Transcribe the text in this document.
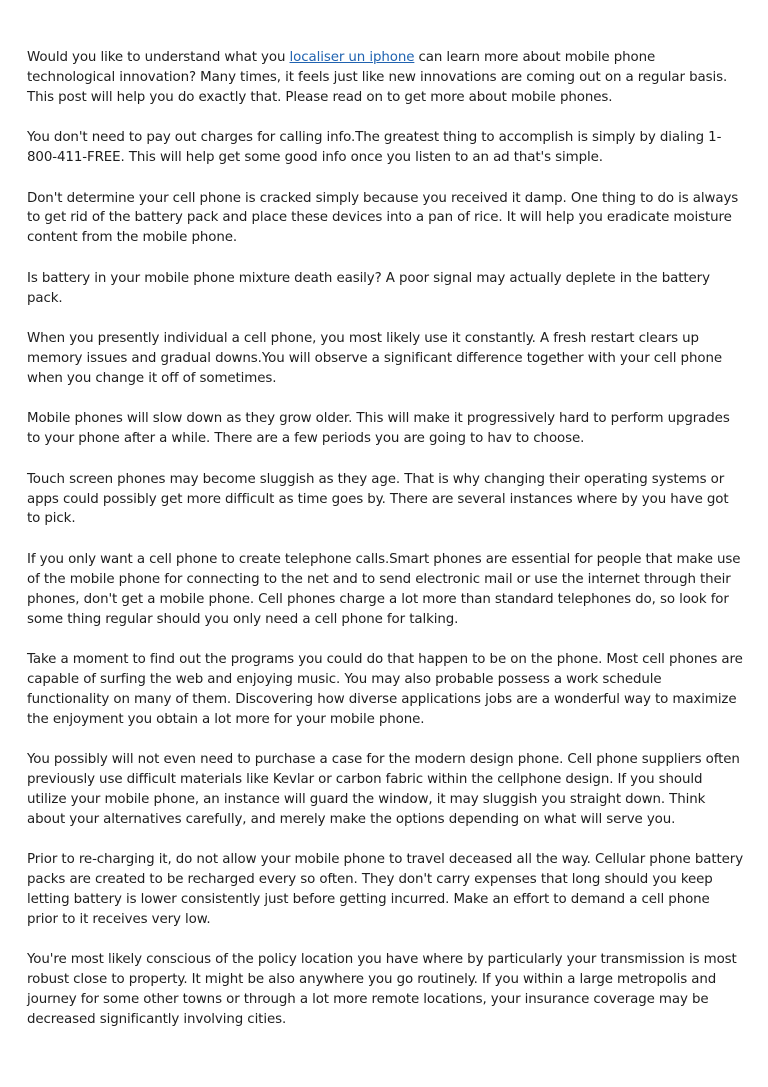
Would you like to understand what you localiser un iphone can learn more about mobile phone technological innovation? Many times, it feels just like new innovations are coming out on a regular basis. This post will help you do exactly that. Please read on to get more about mobile phones.

You don't need to pay out charges for calling info.The greatest thing to accomplish is simply by dialing 1-800-411-FREE. This will help get some good info once you listen to an ad that's simple.

Don't determine your cell phone is cracked simply because you received it damp. One thing to do is always to get rid of the battery pack and place these devices into a pan of rice. It will help you eradicate moisture content from the mobile phone.

Is battery in your mobile phone mixture death easily? A poor signal may actually deplete in the battery pack.

When you presently individual a cell phone, you most likely use it constantly. A fresh restart clears up memory issues and gradual downs.You will observe a significant difference together with your cell phone when you change it off of sometimes.

Mobile phones will slow down as they grow older. This will make it progressively hard to perform upgrades to your phone after a while. There are a few periods you are going to hav to choose.

Touch screen phones may become sluggish as they age. That is why changing their operating systems or apps could possibly get more difficult as time goes by. There are several instances where by you have got to pick.

If you only want a cell phone to create telephone calls.Smart phones are essential for people that make use of the mobile phone for connecting to the net and to send electronic mail or use the internet through their phones, don't get a mobile phone. Cell phones charge a lot more than standard telephones do, so look for some thing regular should you only need a cell phone for talking.

Take a moment to find out the programs you could do that happen to be on the phone. Most cell phones are capable of surfing the web and enjoying music. You may also probable possess a work schedule functionality on many of them. Discovering how diverse applications jobs are a wonderful way to maximize the enjoyment you obtain a lot more for your mobile phone.

You possibly will not even need to purchase a case for the modern design phone. Cell phone suppliers often previously use difficult materials like Kevlar or carbon fabric within the cellphone design. If you should utilize your mobile phone, an instance will guard the window, it may sluggish you straight down. Think about your alternatives carefully, and merely make the options depending on what will serve you.

Prior to re-charging it, do not allow your mobile phone to travel deceased all the way. Cellular phone battery packs are created to be recharged every so often. They don't carry expenses that long should you keep letting battery is lower consistently just before getting incurred. Make an effort to demand a cell phone prior to it receives very low.

You're most likely conscious of the policy location you have where by particularly your transmission is most robust close to property. It might be also anywhere you go routinely. If you within a large metropolis and journey for some other towns or through a lot more remote locations, your insurance coverage may be decreased significantly involving cities.
